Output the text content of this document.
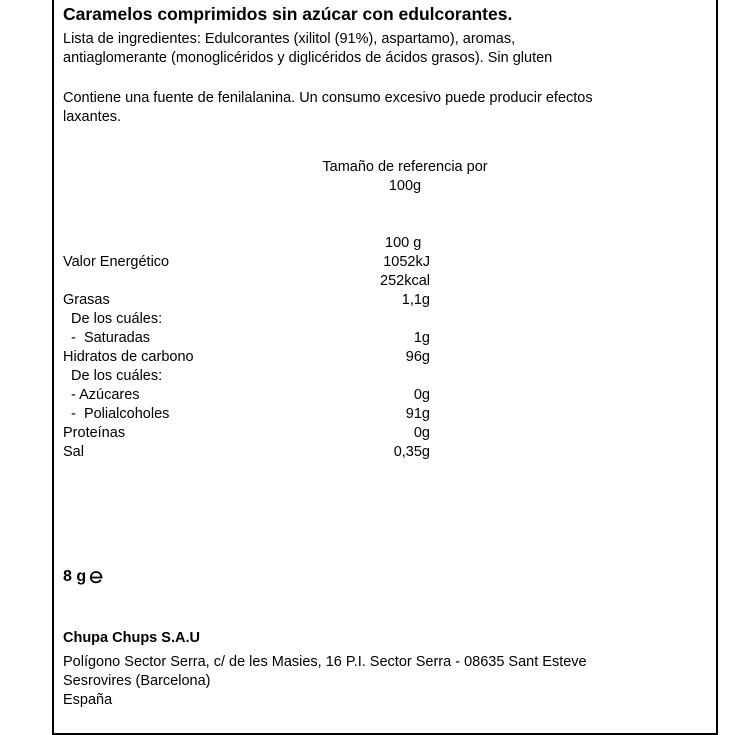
Caramelos comprimidos sin azúcar con edulcorantes.
Lista de ingredientes: Edulcorantes (xilitol (91%), aspartamo), aromas,
antiaglomerante (monoglicéridos y diglicéridos de ácidos grasos). Sin gluten
Contiene una fuente de fenilalanina. Un consumo excesivo puede producir efectos
laxantes.
Tamaño de referencia por
100g
100 g
Valor Energético	1052kJ
252kcal
Grasas	1,1g
De los cuáles:
-  Saturadas	1g
Hidratos de carbono	96g
De los cuáles:
- Azúcares	0g
-  Polialcoholes	91g
Proteínas	0g
Sal	0,35g
8 g
Chupa Chups S.A.U
Polígono Sector Serra, c/ de les Masies, 16 P.I. Sector Serra - 08635 Sant Esteve
Sesrovires (Barcelona)
España
